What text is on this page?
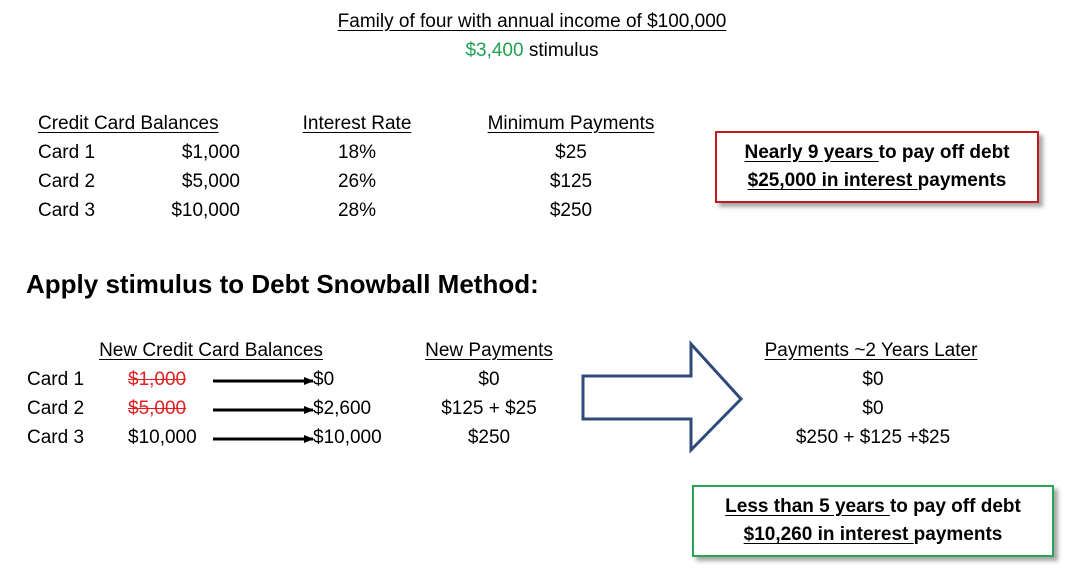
Family of four with annual income of $100,000
$3,400 stimulus
Credit Card Balances	Interest Rate	Minimum Payments
Card 1	$1,000	18%	$25
Card 2	$5,000	26%	$125
Card 3	$10,000	28%	$250
Nearly 9 years to pay off debt
$25,000 in interest payments
Apply stimulus to Debt Snowball Method:
New Credit Card Balances	New Payments	Payments ~2 Years Later
Card 1 $1,000	$0	$0	$0
Card 2 $5,000	$2,600	$125 + $25	$0
Card 3 $10,000	$10,000	$250	$250 + $125 +$25
Less than 5 years to pay off debt
$10,260 in interest payments
